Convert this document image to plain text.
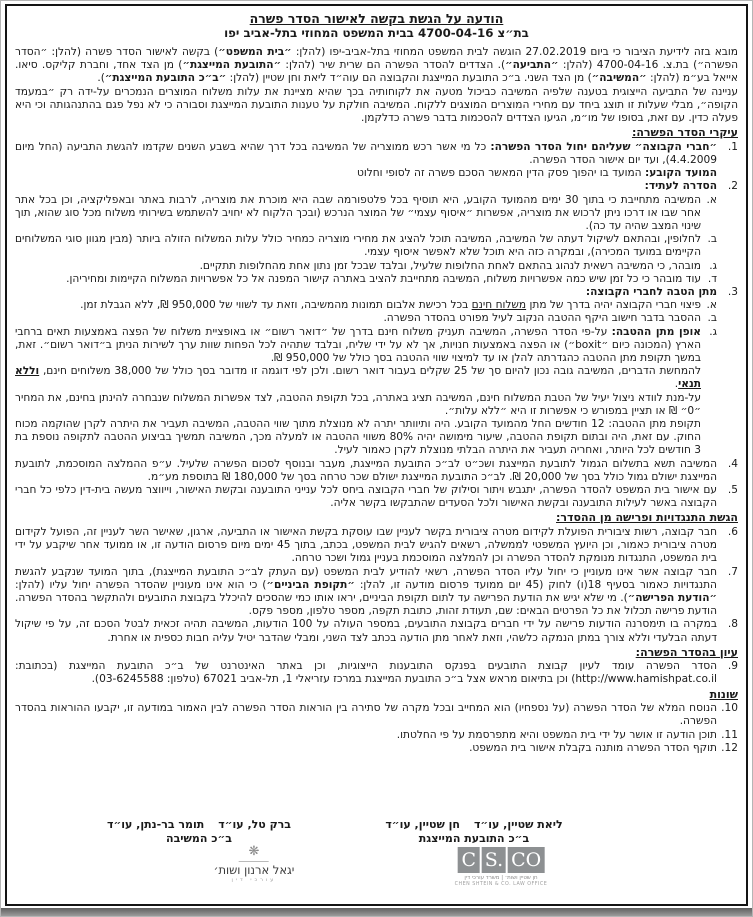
הודעה על הגשת בקשה לאישור הסדר פשרה
בת״צ ‎4700-04-16‎ בבית המשפט המחוזי בתל-אביב יפו
מובא בזה לידיעת הציבור כי ביום 27.02.2019 הוגשה לבית המשפט המחוזי בתל-אביב-יפו (להלן: ״בית המשפט״) בקשה לאישור הסדר פשרה (להלן: ״הסדר הפשרה״) בת.צ. ‎4700-04-16‎ (להלן: ״התביעה״). הצדדים להסדר הפשרה הם שרית שיר (להלן: ״התובעת המייצגת״) מן הצד אחד, וחברת קליקס. סיאו. אייאל בע״מ (להלן: ״המשיבה״) מן הצד השני. ב״כ התובעת המייצגת והקבוצה הם עוה״ד ליאת וחן שטיין (להלן: ״ב״כ התובעת המייצגת״).
עניינה של התביעה הייצוגית בטענה שלפיה המשיבה כביכול מטעה את לקוחותיה בכך שהיא מציינת את עלות משלוח המוצרים הנמכרים על-ידה רק ״במעמד הקופה״, מבלי שעלות זו תוצג ביחד עם מחירי המוצרים המוצגים ללקוח. המשיבה חולקת על טענות התובעת המייצגת וסבורה כי לא נפל פגם בהתנהגותה וכי היא פעלה כדין. עם זאת, בסופו של מו״מ, הגיעו הצדדים להסכמות בדבר פשרה כדלקמן.
עיקרי הסדר הפשרה:
1.
״חברי הקבוצה״ שעליהם יחול הסדר הפשרה: כל מי אשר רכש ממוצריה של המשיבה בכל דרך שהיא בשבע השנים שקדמו להגשת התביעה (החל מיום 4.4.2009), ועד יום אישור הסדר הפשרה.
המועד הקובע: המועד בו יהפוך פסק הדין המאשר הסכם פשרה זה לסופי וחלוט
2.
הסדרה לעתיד:
א.
המשיבה מתחייבת כי בתוך 30 ימים מהמועד הקובע, היא תוסיף בכל פלטפורמה שבה היא מוכרת את מוצריה, לרבות באתר ובאפליקציה, וכן בכל אתר אחר שבו או דרכו ניתן לרכוש את מוצריה, אפשרות ״איסוף עצמי״ של המוצר הנרכש (ובכך הלקוח לא יחויב להשתמש בשירותי משלוח מכל סוג שהוא, תוך שינוי המצב שהיה עד כה).
ב.
לחלופין, ובהתאם לשיקול דעתה של המשיבה, המשיבה תוכל להציג את מחירי מוצריה כמחיר כולל עלות המשלוח הזולה ביותר (מבין מגוון סוגי המשלוחים הקיימים במועד המכירה), ובמקרה כזה היא תוכל שלא לאפשר איסוף עצמי.
ג.
מובהר, כי המשיבה רשאית לנהוג בהתאם לאחת החלופות שלעיל, ובלבד שבכל זמן נתון אחת מהחלופות תתקיים.
ד.
עוד מובהר כי כל זמן שיש כמה אפשרויות משלוח, המשיבה מתחייבת להציב באתרה קישור המפנה אל כל אפשרויות המשלוח הקיימות ומחיריהן.
3.
מתן הטבה לחברי הקבוצה:
א.
פיצוי חברי הקבוצה יהיה בדרך של מתן משלוח חינם בכל רכישת אלבום תמונות מהמשיבה, וזאת עד לשווי של 950,000 ₪, ללא הגבלת זמן.
ב.
ההסבר בדבר חישוב היקף ההטבה הנקוב לעיל מפורט בהסדר הפשרה.
ג.
אופן מתן ההטבה: על-פי הסדר הפשרה, המשיבה תעניק משלוח חינם בדרך של ״דואר רשום״ או באופציית משלוח של הפצה באמצעות תאים ברחבי הארץ (המכונה כיום ״boxit״) או הפצה באמצעות חנויות, אך לא על ידי שליח, ובלבד שתהיה לכל הפחות שוות ערך לשירות הניתן ב״דואר רשום״. זאת, במשך תקופת מתן ההטבה כהגדרתה להלן או עד למיצוי שווי ההטבה בסך כולל של 950,000 ₪.
להמחשת הדברים, המשיבה גובה נכון להיום סך של 25 שקלים בעבור דואר רשום. ולכן לפי דוגמה זו מדובר בסך כולל של 38,000 משלוחים חינם, וללא תנאי.
על-מנת לוודא ניצול יעיל של הטבת המשלוח חינם, המשיבה תציג באתרה, בכל תקופת ההטבה, לצד אפשרות המשלוח שנבחרה להינתן בחינם, את המחיר ״0״ ₪ או תציין במפורש כי אפשרות זו היא ״ללא עלות״.
תקופת מתן ההטבה: 12 חודשים החל מהמועד הקובע. היה ותיוותר יתרה לא מנוצלת מתוך שווי ההטבה, המשיבה תעביר את היתרה לקרן שהוקמה מכוח החוק. עם זאת, היה ובתום תקופת ההטבה, שיעור מימושה יהיה 80% משווי ההטבה או למעלה מכך, המשיבה תמשיך בביצוע ההטבה לתקופה נוספת בת 3 חודשים לכל היותר, ואחריה תעביר את היתרה הבלתי מנוצלת לקרן כאמור לעיל.
4.
המשיבה תשא בתשלום הגמול לתובעת המייצגת ושכ״ט לב״כ התובעת המייצגת, מעבר ובנוסף לסכום הפשרה שלעיל. ע״פ ההמלצה המוסכמת, לתובעת המייצגת ישולם גמול כולל בסך של 20,000 ₪. לב״כ התובעת המייצגת ישולם שכר טרחה בסך של 180,000 ₪ בתוספת מע״מ.
5.
עם אישור בית המשפט להסדר הפשרה, יתגבש ויתור וסילוק של חברי הקבוצה ביחס לכל ענייני התובענה ובקשת האישור, וייווצר מעשה בית-דין כלפי כל חברי הקבוצה באשר לעילות התובענה ובקשת האישור ולכל הסעדים שהתבקשו בקשר אליה.
הגשת התנגדויות ופרישה מן ההסדר:
6.
חבר קבוצה, רשות ציבורית הפועלת לקידום מטרה ציבורית בקשר לעניין שבו עוסקת בקשת האישור או התביעה, ארגון, שאישר השר לעניין זה, הפועל לקידום מטרה ציבורית כאמור, וכן היועץ המשפטי לממשלה, רשאים להגיש לבית המשפט, בכתב, בתוך 45 ימים מיום פרסום הודעה זו, או ממועד אחר שיקבע על ידי בית המשפט, התנגדות מנומקת להסדר הפשרה וכן להמלצה המוסכמת בעניין גמול ושכר טרחה.
7.
חבר קבוצה אשר אינו מעוניין כי יחול עליו הסדר הפשרה, רשאי להודיע לבית המשפט (עם העתק לב״כ התובעת המייצגת), בתוך המועד שנקבע להגשת התנגדויות כאמור בסעיף 18(ו) לחוק (45 יום ממועד פרסום מודעה זו, להלן: ״תקופת הביניים״) כי הוא אינו מעוניין שהסדר הפשרה יחול עליו (להלן: ״הודעת הפרישה״). מי שלא יגיש את הודעת הפרישה עד לתום תקופת הביניים, יראו אותו כמי שהסכים להיכלל בקבוצת התובעים ולהתקשר בהסדר הפשרה. הודעת פרישה תכלול את כל הפרטים הבאים: שם, תעודת זהות, כתובת תקפה, מספר טלפון, מספר פקס.
8.
במקרה בו תימסרנה הודעות פרישה על ידי חברים בקבוצת התובעים, במספר העולה על 100 הודעות, המשיבה תהיה זכאית לבטל הסכם זה, על פי שיקול דעתה הבלעדי וללא צורך במתן הנמקה כלשהי, וזאת לאחר מתן הודעה בכתב לצד השני, ומבלי שהדבר יטיל עליה חבות כספית או אחרת.
עיון בהסדר הפשרה:
9.
הסדר הפשרה עומד לעיון קבוצת התובעים בפנקס התובענות הייצוגיות, וכן באתר האינטרנט של ב״כ התובעת המייצגת (בכתובת: http://www.hamishpat.co.il) וכן בתיאום מראש אצל ב״כ התובעת המייצגת במרכז עזריאלי 1, תל-אביב 67021 (טלפון: ‎03-6245588‎).
שונות
10.
הנוסח המלא של הסדר הפשרה (על נספחיו) הוא המחייב ובכל מקרה של סתירה בין הוראות הסדר הפשרה לבין האמור במודעה זו, יקבעו ההוראות בהסדר הפשרה.
11.
תוכן הודעה זו אושר על ידי בית המשפט והיא מתפרסמת על פי החלטתו.
12.
תוקף הסדר הפשרה מותנה בקבלת אישור בית המשפט.
ליאת שטיין, עו״דחן שטיין, עו״ד
ב״כ התובעת המייצגת
ברק טל, עו״דתומר בר-נתן, עו״ד
ב״כ המשיבה
C S. CO
חן שטיין ושות׳ | משרד עורכי דין
CHEN SHTEIN & CO. LAW OFFICE
❋
יגאל ארנון ושות׳
עורכי דין
